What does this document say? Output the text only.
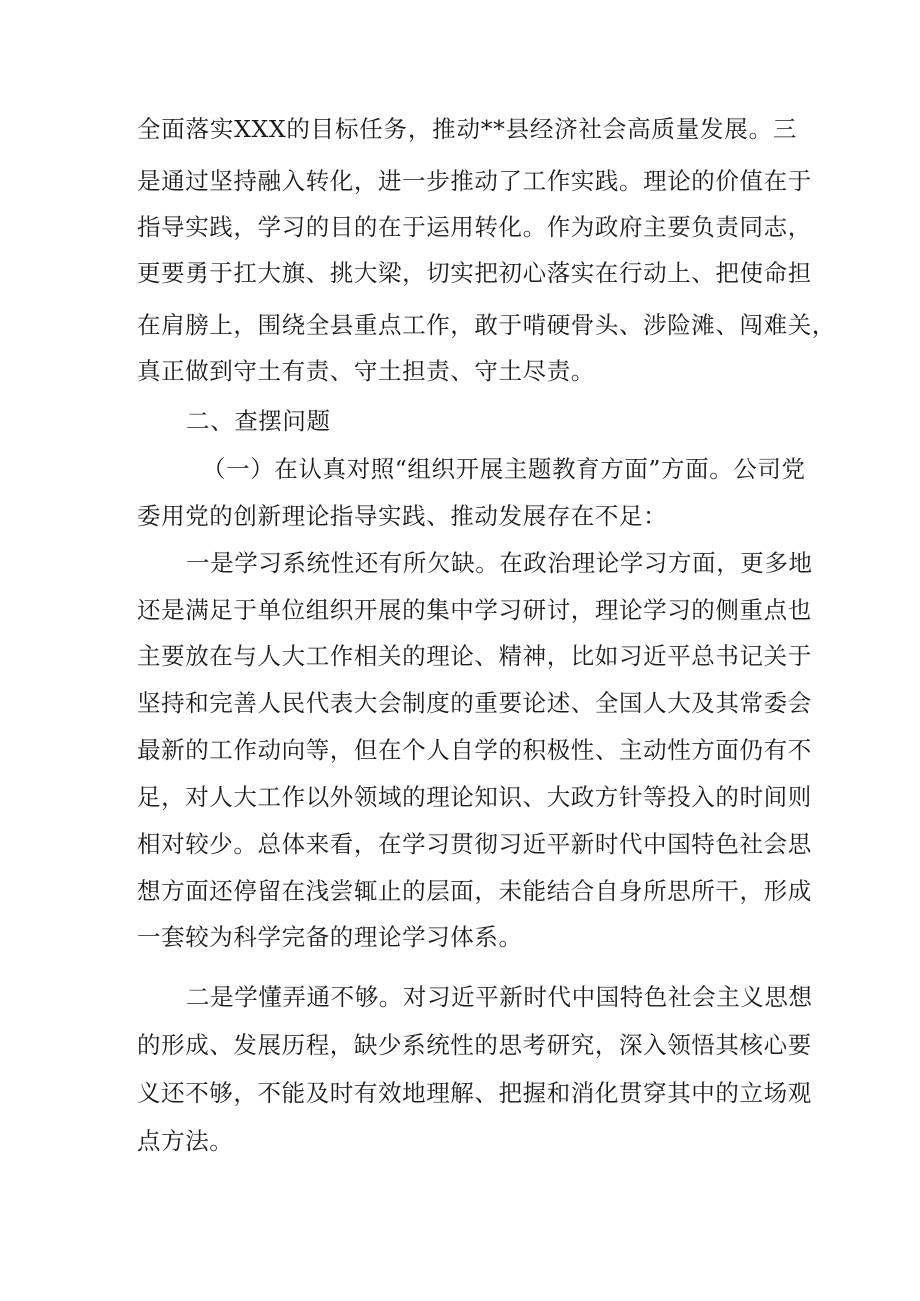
全面落实XXX的目标任务，推动**县经济社会高质量发展。三
是通过坚持融入转化，进一步推动了工作实践。理论的价值在于
指导实践，学习的目的在于运用转化。作为政府主要负责同志，
更要勇于扛大旗、挑大梁，切实把初心落实在行动上、把使命担
在肩膀上，围绕全县重点工作，敢于啃硬骨头、涉险滩、闯难关，
真正做到守土有责、守土担责、守土尽责。
二、查摆问题
（一）在认真对照“组织开展主题教育方面”方面。公司党
委用党的创新理论指导实践、推动发展存在不足：
一是学习系统性还有所欠缺。在政治理论学习方面，更多地
还是满足于单位组织开展的集中学习研讨，理论学习的侧重点也
主要放在与人大工作相关的理论、精神，比如习近平总书记关于
坚持和完善人民代表大会制度的重要论述、全国人大及其常委会
最新的工作动向等，但在个人自学的积极性、主动性方面仍有不
足，对人大工作以外领域的理论知识、大政方针等投入的时间则
相对较少。总体来看，在学习贯彻习近平新时代中国特色社会思
想方面还停留在浅尝辄止的层面，未能结合自身所思所干，形成
一套较为科学完备的理论学习体系。
二是学懂弄通不够。对习近平新时代中国特色社会主义思想
的形成、发展历程，缺少系统性的思考研究，深入领悟其核心要
义还不够，不能及时有效地理解、把握和消化贯穿其中的立场观
点方法。
